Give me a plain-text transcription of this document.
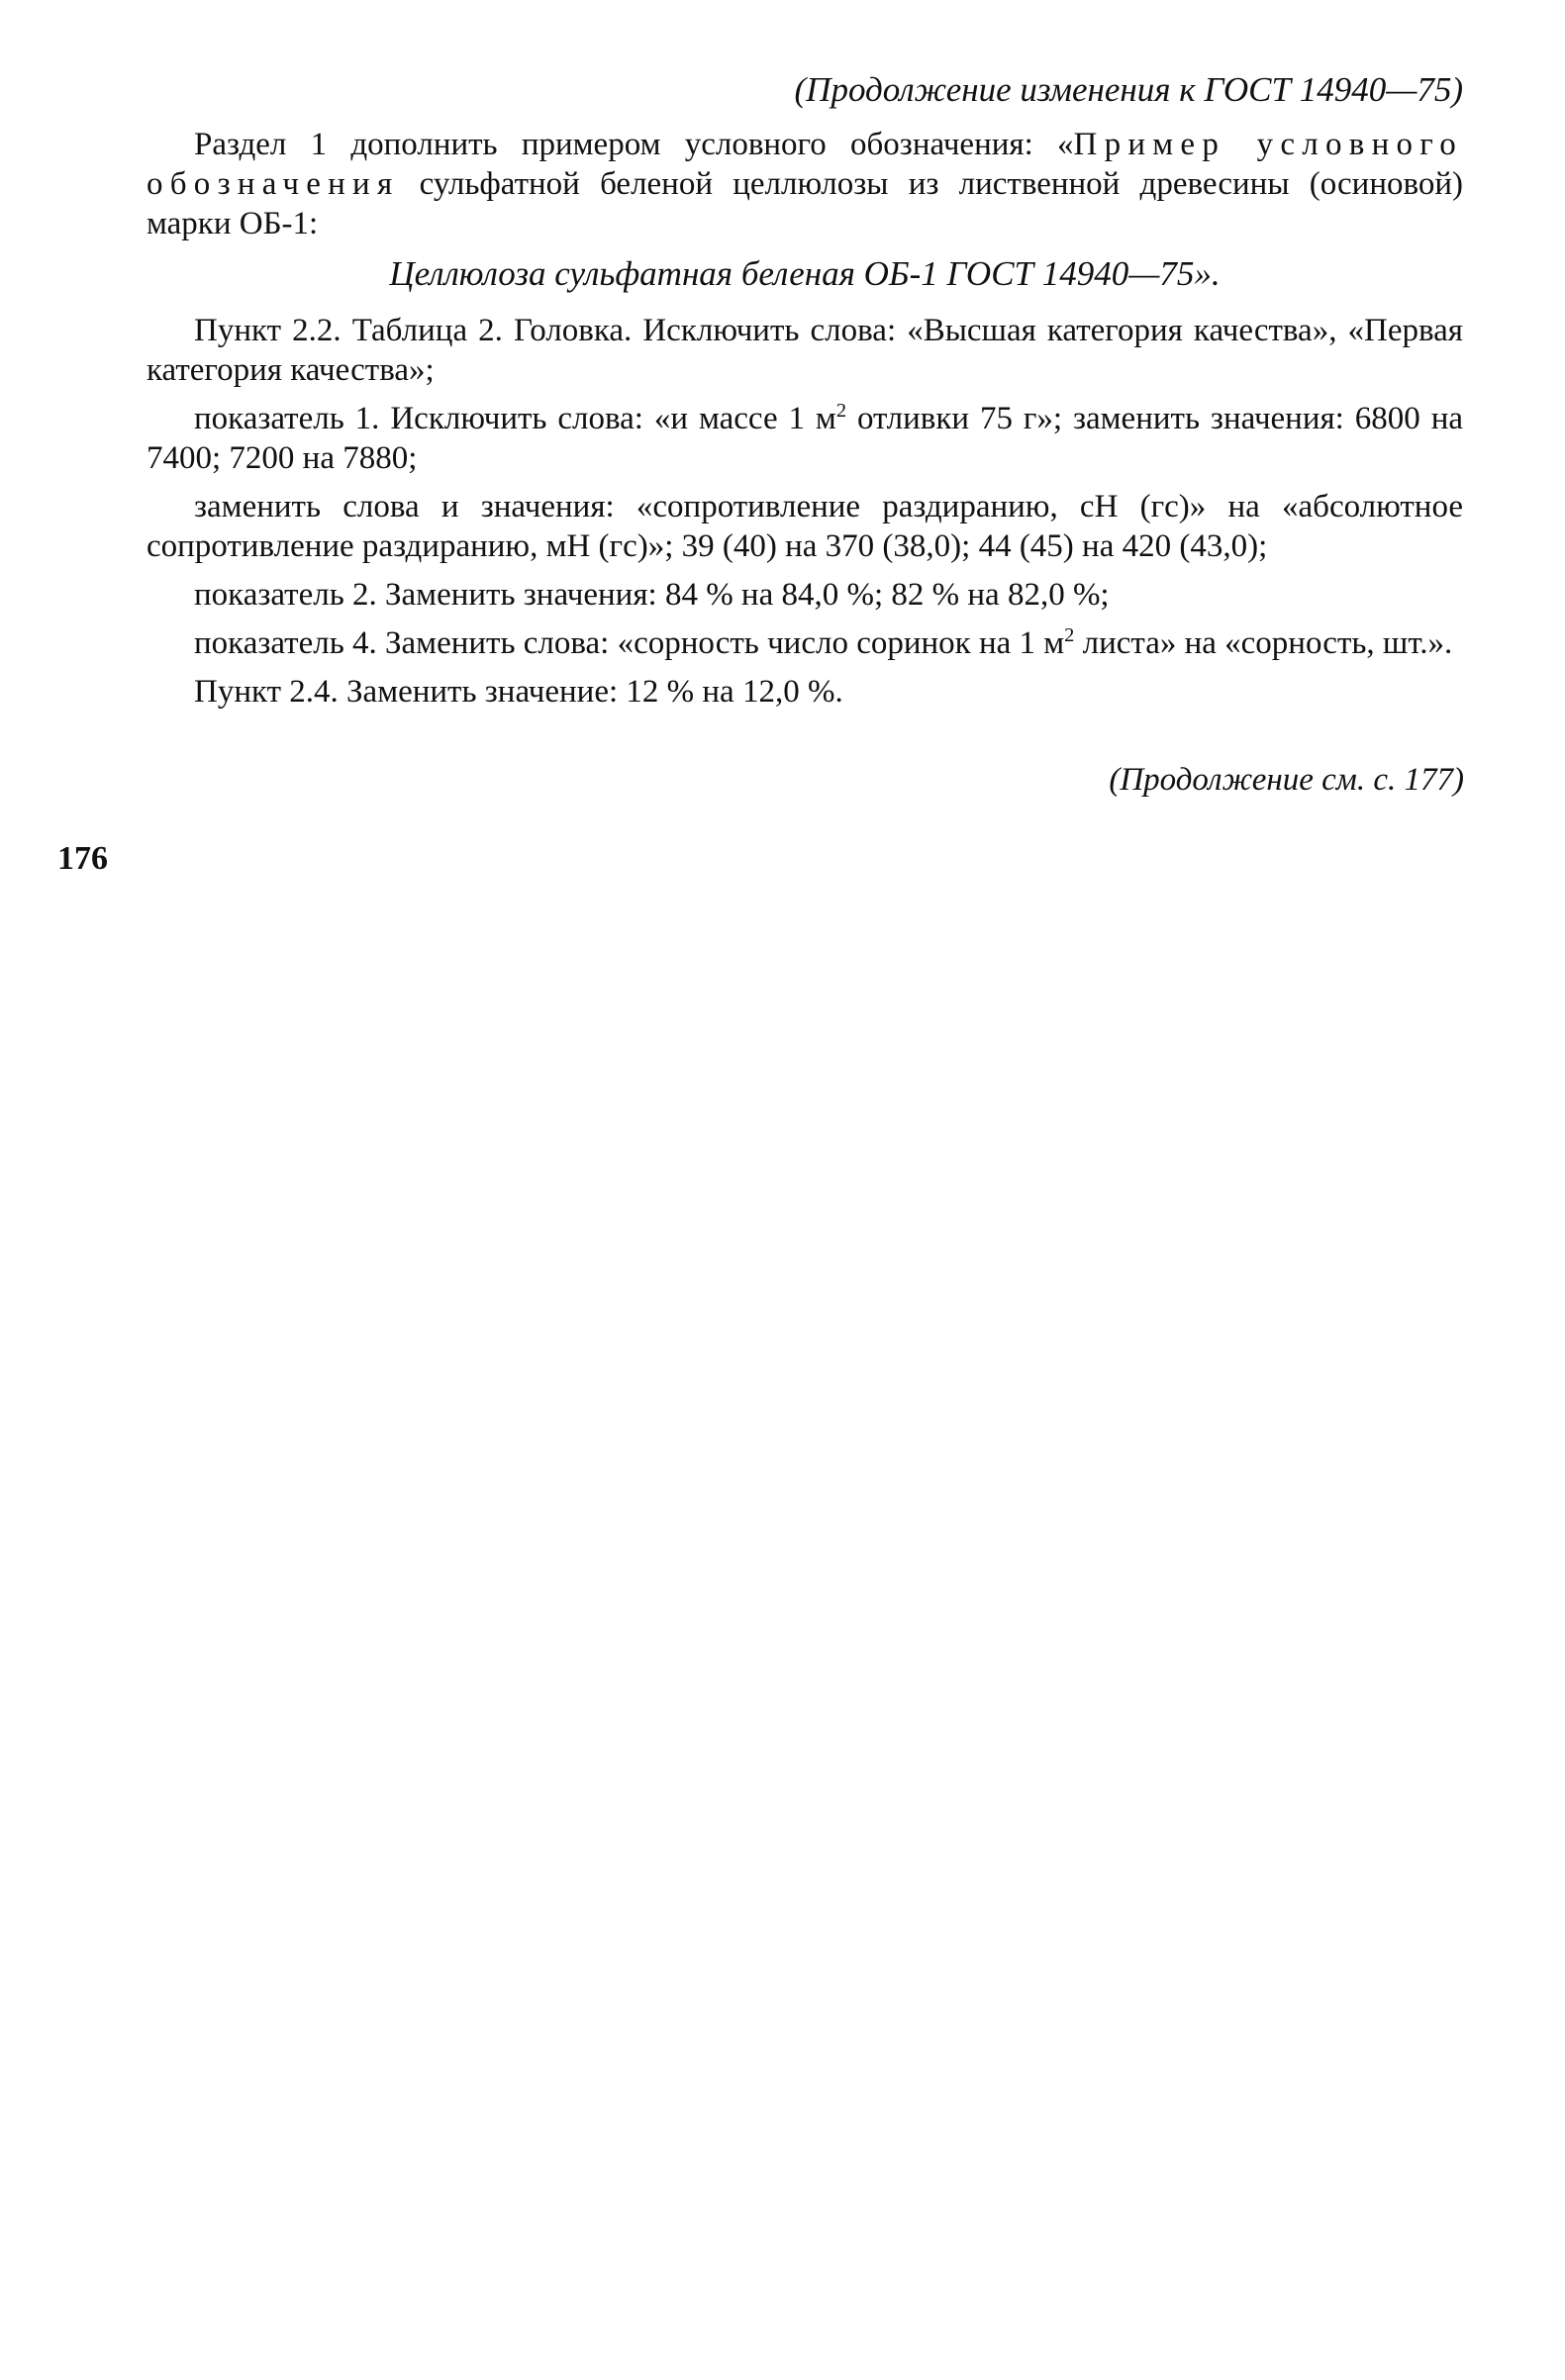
(Продолжение изменения к ГОСТ 14940—75)

Раздел 1 дополнить примером условного обозначения: «Пример условного обозначения сульфатной беленой целлюлозы из лиственной древесины (осиновой) марки ОБ-1:

Целлюлоза сульфатная беленая ОБ-1 ГОСТ 14940—75».

Пункт 2.2. Таблица 2. Головка. Исключить слова: «Высшая категория качества», «Первая категория качества»;

показатель 1. Исключить слова: «и массе 1 $м^2$ отливки 75 г»; заменить значения: 6800 на 7400; 7200 на 7880;

заменить слова и значения: «сопротивление раздиранию, сН (гс)» на «абсолютное сопротивление раздиранию, мН (гс)»; 39 (40) на 370 (38,0); 44 (45) на 420 (43,0);

показатель 2. Заменить значения: 84 % на 84,0 %; 82 % на 82,0 %;

показатель 4. Заменить слова: «сорность число соринок на 1 $м^2$ листа» на «сорность, шт.».

Пункт 2.4. Заменить значение: 12 % на 12,0 %.

(Продолжение см. с. 177)
176
